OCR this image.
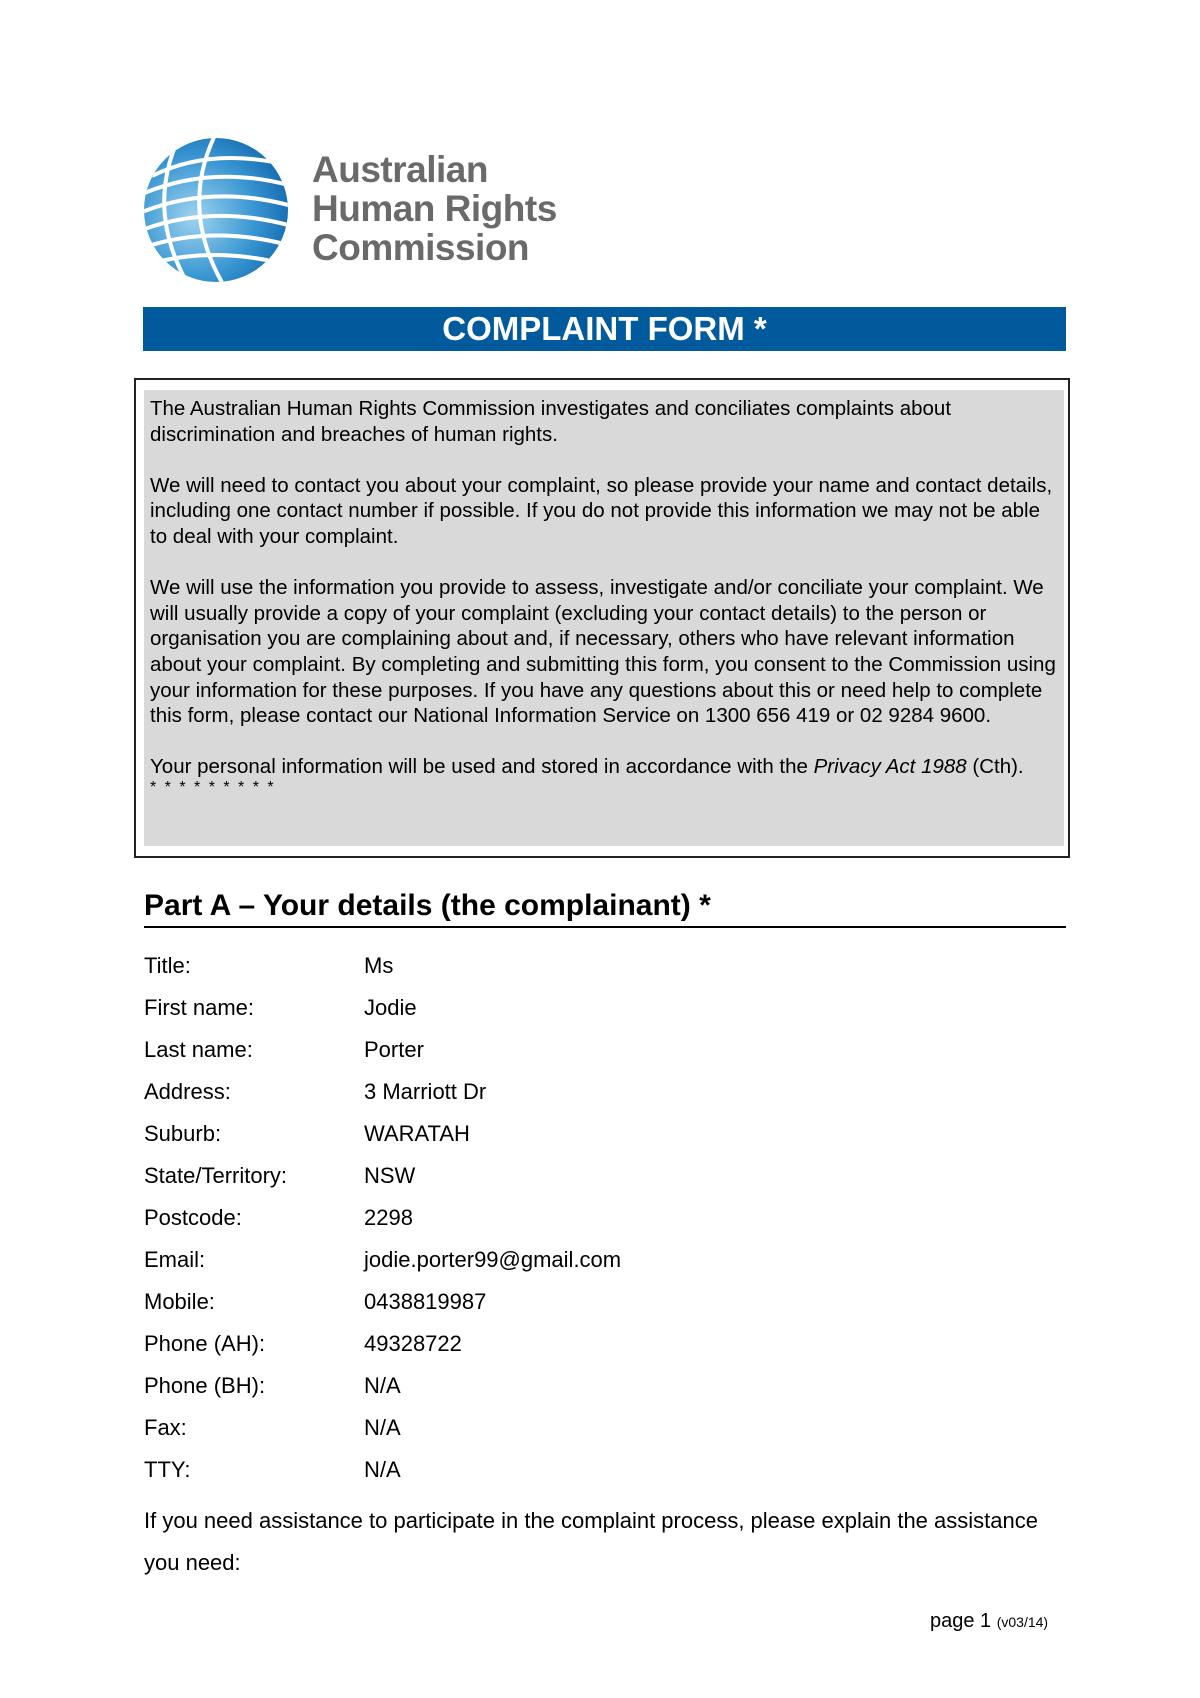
Australian
Human Rights
Commission
COMPLAINT FORM *

The Australian Human Rights Commission investigates and conciliates complaints about discrimination and breaches of human rights.

We will need to contact you about your complaint, so please provide your name and contact details, including one contact number if possible. If you do not provide this information we may not be able to deal with your complaint.

We will use the information you provide to assess, investigate and/or conciliate your complaint. We will usually provide a copy of your complaint (excluding your contact details) to the person or organisation you are complaining about and, if necessary, others who have relevant information about your complaint. By completing and submitting this form, you consent to the Commission using your information for these purposes. If you have any questions about this or need help to complete this form, please contact our National Information Service on 1300 656 419 or 02 9284 9600.

Your personal information will be used and stored in accordance with the Privacy Act 1988 (Cth).

* * * * * * * * *
Part A – Your details (the complainant) *
Title:	Ms
First name:	Jodie
Last name:	Porter
Address:	3 Marriott Dr
Suburb:	WARATAH
State/Territory:	NSW
Postcode:	2298
Email:	jodie.porter99@gmail.com
Mobile:	0438819987
Phone (AH):	49328722
Phone (BH):	N/A
Fax:	N/A
TTY:	N/A
If you need assistance to participate in the complaint process, please explain the assistance you need:
page 1 (v03/14)
